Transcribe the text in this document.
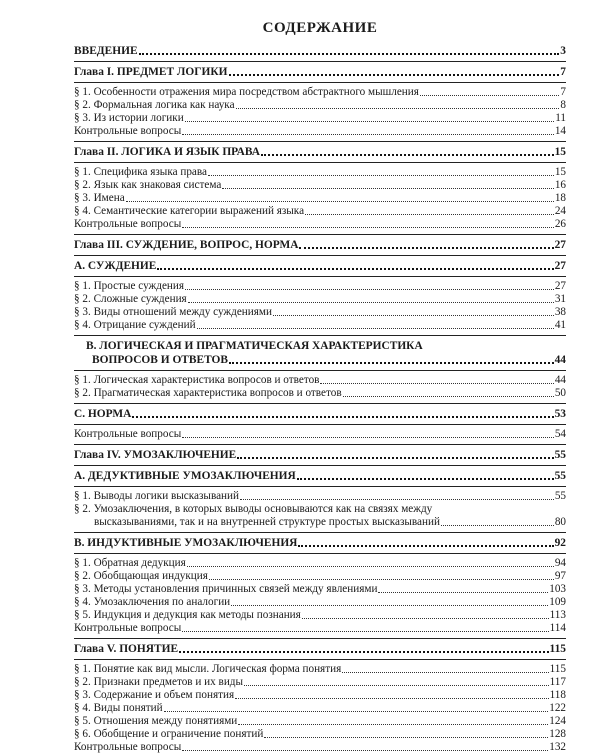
СОДЕРЖАНИЕ
ВВЕДЕНИЕ	3
Глава I. ПРЕДМЕТ ЛОГИКИ	7
§ 1. Особенности отражения мира посредством абстрактного мышления	7
§ 2. Формальная логика как наука	8
§ 3. Из истории логики	11
Контрольные вопросы	14
Глава II. ЛОГИКА И ЯЗЫК ПРАВА	15
§ 1. Специфика языка права	15
§ 2. Язык как знаковая система	16
§ 3. Имена	18
§ 4. Семантические категории выражений языка	24
Контрольные вопросы	26
Глава III. СУЖДЕНИЕ, ВОПРОС, НОРМА	27
А. СУЖДЕНИЕ	27
§ 1. Простые суждения	27
§ 2. Сложные суждения	31
§ 3. Виды отношений между суждениями	38
§ 4. Отрицание суждений	41
В. ЛОГИЧЕСКАЯ И ПРАГМАТИЧЕСКАЯ ХАРАКТЕРИСТИКА
ВОПРОСОВ И ОТВЕТОВ	44
§ 1. Логическая характеристика вопросов и ответов	44
§ 2. Прагматическая характеристика вопросов и ответов	50
С. НОРМА	53
Контрольные вопросы	54
Глава IV. УМОЗАКЛЮЧЕНИЕ	55
А. ДЕДУКТИВНЫЕ УМОЗАКЛЮЧЕНИЯ	55
§ 1. Выводы логики высказываний	55
§ 2. Умозаключения, в которых выводы основываются как на связях между
высказываниями, так и на внутренней структуре простых высказываний	80
В. ИНДУКТИВНЫЕ УМОЗАКЛЮЧЕНИЯ	92
§ 1. Обратная дедукция	94
§ 2. Обобщающая индукция	97
§ 3. Методы установления причинных связей между явлениями	103
§ 4. Умозаключения по аналогии	109
§ 5. Индукция и дедукция как методы познания	113
Контрольные вопросы	114
Глава V. ПОНЯТИЕ	115
§ 1. Понятие как вид мысли. Логическая форма понятия	115
§ 2. Признаки предметов и их виды	117
§ 3. Содержание и объем понятия	118
§ 4. Виды понятий	122
§ 5. Отношения между понятиями	124
§ 6. Обобщение и ограничение понятий	128
Контрольные вопросы	132
